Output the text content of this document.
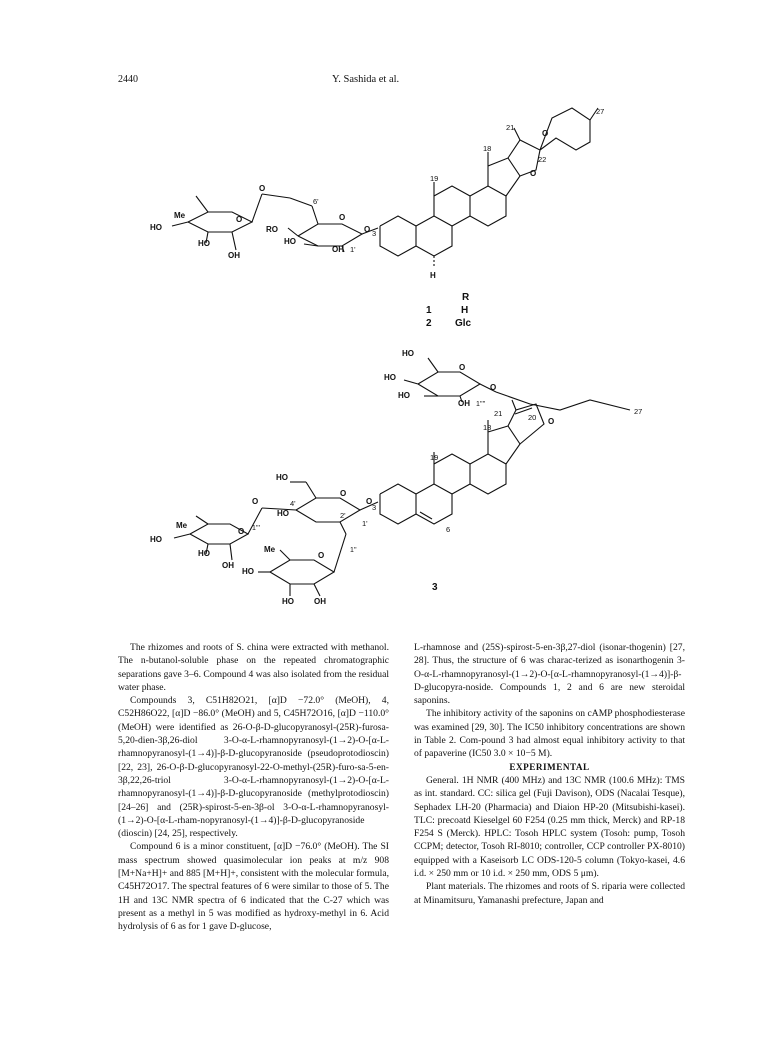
2440	Y. Sashida et al.
Me
HO
HO
OH
O
O
RO
HO
OH
O
O
6'
1'
3
H
19
18
21
22
O
O
27
R
1	H
2 Glc
HO
HO
HO
OH 1''''
O
O
27
21	20
18
19
O
3
6
HO
HO
4'
2'
1'
O
O
O
Me
HO
HO
OH
O 1'''
Me
HO
HO	OH
O
1''
3

The rhizomes and roots of S. china were extracted with methanol. The n-butanol-soluble phase on the repeated chromatographic separations gave 3–6. Compound 4 was also isolated from the residual water phase.

Compounds 3, C51H82O21, [α]D −72.0° (MeOH), 4, C52H86O22, [α]D −86.0° (MeOH) and 5, C45H72O16, [α]D −110.0° (MeOH) were identified as 26-O-β-D-glucopyranosyl-(25R)-furosa-5,20-dien-3β,26-diol 3-O-α-L-rhamnopyranosyl-(1→2)-O-[α-L-rhamnopyranosyl-(1→4)]-β-D-glucopyranoside (pseudoprotodioscin) [22, 23], 26-O-β-D-glucopyranosyl-22-O-methyl-(25R)-furo-sa-5-en-3β,22,26-triol 3-O-α-L-rhamnopyranosyl-(1→2)-O-[α-L-rhamnopyranosyl-(1→4)]-β-D-glucopyranoside (methylprotodioscin) [24–26] and (25R)-spirost-5-en-3β-ol 3-O-α-L-rhamnopyranosyl-(1→2)-O-[α-L-rham-nopyranosyl-(1→4)]-β-D-glucopyranoside (dioscin) [24, 25], respectively.

Compound 6 is a minor constituent, [α]D −76.0° (MeOH). The SI mass spectrum showed quasimolecular ion peaks at m/z 908 [M+Na+H]+ and 885 [M+H]+, consistent with the molecular formula, C45H72O17. The spectral features of 6 were similar to those of 5. The 1H and 13C NMR spectra of 6 indicated that the C-27 which was present as a methyl in 5 was modified as hydroxy-methyl in 6. Acid hydrolysis of 6 as for 1 gave D-glucose,

L-rhamnose and (25S)-spirost-5-en-3β,27-diol (isonar-thogenin) [27, 28]. Thus, the structure of 6 was charac-terized as isonarthogenin 3-O-α-L-rhamnopyranosyl-(1→2)-O-[α-L-rhamnopyranosyl-(1→4)]-β-D-glucopyra-noside. Compounds 1, 2 and 6 are new steroidal saponins.

The inhibitory activity of the saponins on cAMP phosphodiesterase was examined [29, 30]. The IC50 inhibitory concentrations are shown in Table 2. Com-pound 3 had almost equal inhibitory activity to that of papaverine (IC50 3.0 × 10−5 M).

EXPERIMENTAL

General. 1H NMR (400 MHz) and 13C NMR (100.6 MHz): TMS as int. standard. CC: silica gel (Fuji Davison), ODS (Nacalai Tesque), Sephadex LH-20 (Pharmacia) and Diaion HP-20 (Mitsubishi-kasei). TLC: precoatd Kieselgel 60 F254 (0.25 mm thick, Merck) and RP-18 F254 S (Merck). HPLC: Tosoh HPLC system (Tosoh: pump, Tosoh CCPM; detector, Tosoh RI-8010; controller, CCP controller PX-8010) equipped with a Kaseisorb LC ODS-120-5 column (Tokyo-kasei, 4.6 i.d. × 250 mm or 10 i.d. × 250 mm, ODS 5 μm).

Plant materials. The rhizomes and roots of S. riparia were collected at Minamitsuru, Yamanashi prefecture, Japan and
